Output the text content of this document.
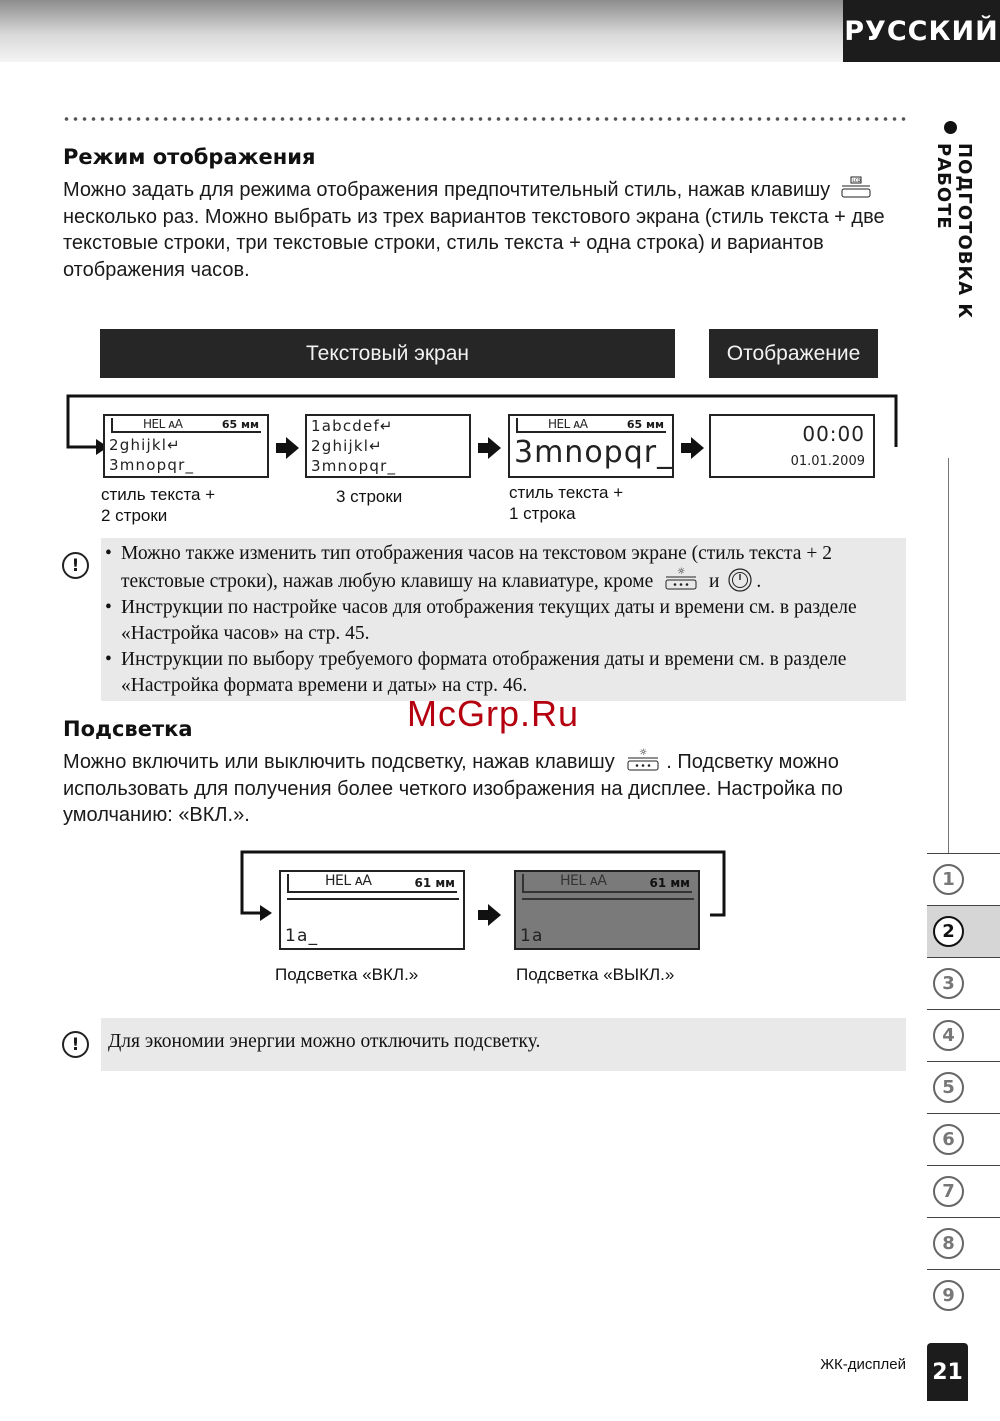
РУССКИЙ
ПОДГОТОВКА К РАБОТЕ
1
2
3
4
5
6
7
8
9
Режим отображения
Можно задать для режима отображения предпочтительный стиль, нажав клавишу	LCD
несколько раз. Можно выбрать из трех вариантов текстового экрана (стиль текста + две текстовые строки, три текстовые строки, стиль текста + одна строка) и вариантов отображения часов.
Текстовый экран	Отображение
HEL ᴀA	65 мм
2ghijkl↵
3mnopqr_
1abcdef↵
2ghijkl↵
3mnopqr_
HEL ᴀA	65 мм
3mnopqr_
00:00
01.01.2009
стиль текста +
2 строки
3 строки	стиль текста +
1 строка
!
• Можно также изменить тип отображения часов на текстовом экране (стиль текста + 2 текстовые строки), нажав любую клавишу на клавиатуре, кроме	☼ и .
• Инструкции по настройке часов для отображения текущих даты и времени см. в разделе «Настройка часов» на стр. 45.
• Инструкции по выбору требуемого формата отображения даты и времени см. в разделе «Настройка формата времени и даты» на стр. 46.
McGrp.Ru
Подсветка
Можно включить или выключить подсветку, нажав клавишу	☼ . Подсветку можно использовать для получения более четкого изображения на дисплее. Настройка по умолчанию: «ВКЛ.».
HEL ᴀA	61 мм
1a_
HEL ᴀA	61 мм
1a
Подсветка «ВКЛ.»	Подсветка «ВЫКЛ.»
!	Для экономии энергии можно отключить подсветку.
ЖК-дисплей 21
